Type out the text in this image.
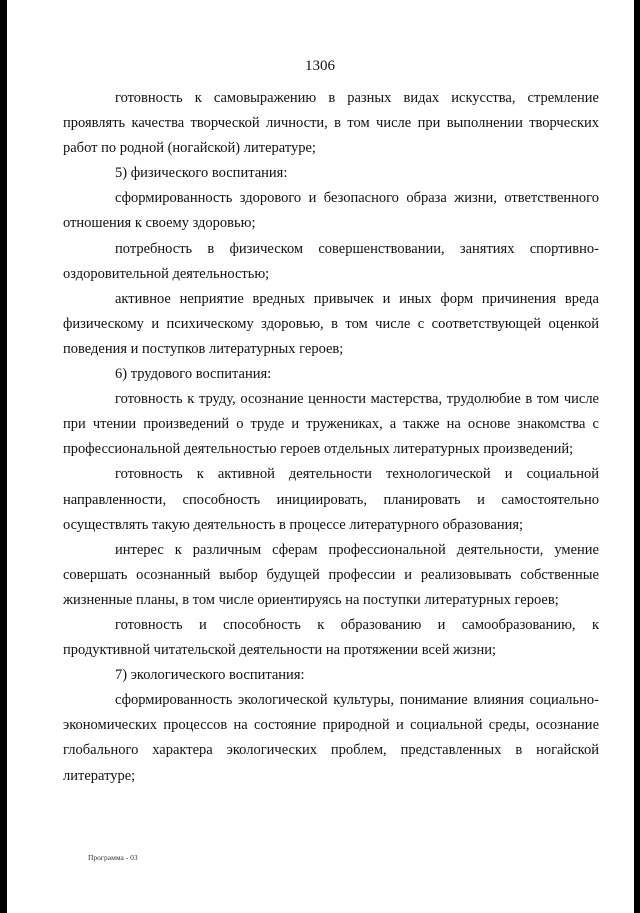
1306

готовность к самовыражению в разных видах искусства, стремление проявлять качества творческой личности, в том числе при выполнении творческих работ по родной (ногайской) литературе;

5) физического воспитания:

сформированность здорового и безопасного образа жизни, ответственного отношения к своему здоровью;

потребность в физическом совершенствовании, занятиях спортивно-оздоровительной деятельностью;

активное неприятие вредных привычек и иных форм причинения вреда физическому и психическому здоровью, в том числе с соответствующей оценкой поведения и поступков литературных героев;

6) трудового воспитания:

готовность к труду, осознание ценности мастерства, трудолюбие в том числе при чтении произведений о труде и тружениках, а также на основе знакомства с профессиональной деятельностью героев отдельных литературных произведений;

готовность к активной деятельности технологической и социальной направленности, способность инициировать, планировать и самостоятельно осуществлять такую деятельность в процессе литературного образования;

интерес к различным сферам профессиональной деятельности, умение совершать осознанный выбор будущей профессии и реализовывать собственные жизненные планы, в том числе ориентируясь на поступки литературных героев;

готовность и способность к образованию и самообразованию, к продуктивной читательской деятельности на протяжении всей жизни;

7) экологического воспитания:

сформированность экологической культуры, понимание влияния социально-экономических процессов на состояние природной и социальной среды, осознание глобального характера экологических проблем, представленных в ногайской литературе;

Программа - 03
